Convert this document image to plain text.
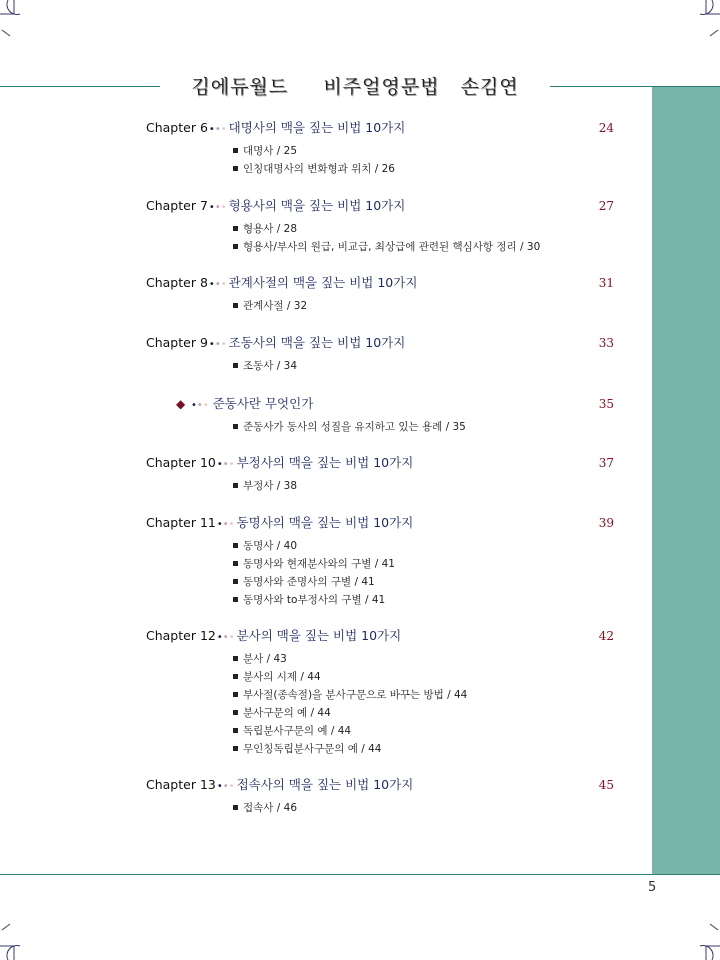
김에듀월드     비주얼영문법   손김연
Chapter 6••• 대명사의 맥을 짚는 비법 10가지	24
대명사 / 25
인칭대명사의 변화형과 위치 / 26
Chapter 7••• 형용사의 맥을 짚는 비법 10가지	27
형용사 / 28
형용사/부사의 원급, 비교급, 최상급에 관련된 핵심사항 정리 / 30
Chapter 8••• 관계사절의 맥을 짚는 비법 10가지	31
관계사절 / 32
Chapter 9••• 조동사의 맥을 짚는 비법 10가지	33
조동사 / 34
◆ ••• 준동사란 무엇인가	35
준동사가 동사의 성질을 유지하고 있는 용례 / 35
Chapter 10••• 부정사의 맥을 짚는 비법 10가지	37
부정사 / 38
Chapter 11••• 동명사의 맥을 짚는 비법 10가지	39
동명사 / 40
동명사와 현재분사와의 구별 / 41
동명사와 준명사의 구별 / 41
동명사와 to부정사의 구별 / 41
Chapter 12••• 분사의 맥을 짚는 비법 10가지	42
분사 / 43
분사의 시제 / 44
부사절(종속절)을 분사구문으로 바꾸는 방법 / 44
분사구문의 예 / 44
독립분사구문의 예 / 44
무인칭독립분사구문의 예 / 44
Chapter 13••• 접속사의 맥을 짚는 비법 10가지	45
접속사 / 46
5
